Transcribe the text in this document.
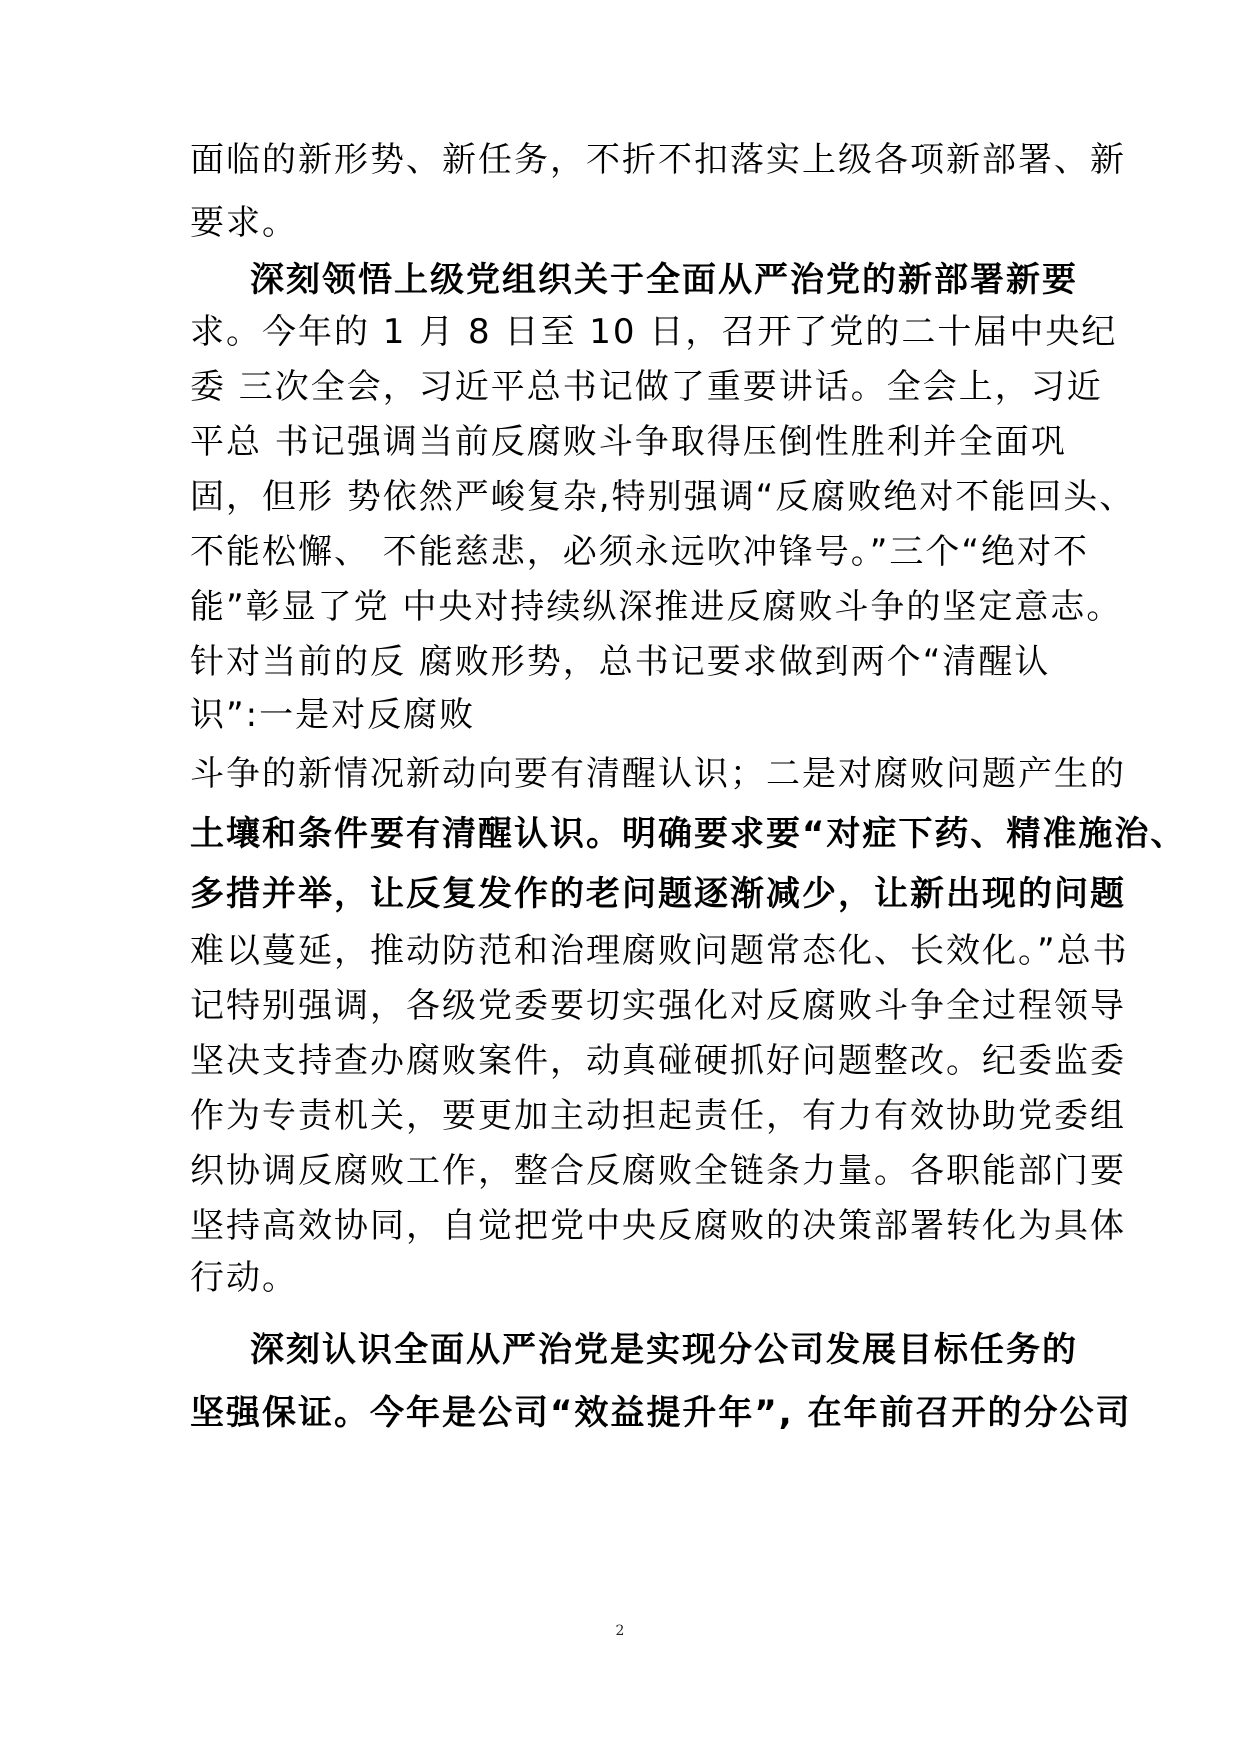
面临的新形势、新任务，不折不扣落实上级各项新部署、新
要求。
深刻领悟上级党组织关于全面从严治党的新部署新要
求。今年的 1 月 8 日至 10 日，召开了党的二十届中央纪
委 三次全会，习近平总书记做了重要讲话。全会上，习近
平总 书记强调当前反腐败斗争取得压倒性胜利并全面巩
固，但形 势依然严峻复杂,特别强调“反腐败绝对不能回头、
不能松懈、 不能慈悲，必须永远吹冲锋号。”三个“绝对不
能”彰显了党 中央对持续纵深推进反腐败斗争的坚定意志。
针对当前的反 腐败形势，总书记要求做到两个“清醒认
识”:一是对反腐败
斗争的新情况新动向要有清醒认识；二是对腐败问题产生的
土壤和条件要有清醒认识。明确要求要“对症下药、精准施治、
多措并举，让反复发作的老问题逐渐减少，让新出现的问题
难以蔓延，推动防范和治理腐败问题常态化、长效化。”总书
记特别强调，各级党委要切实强化对反腐败斗争全过程领导
坚决支持查办腐败案件，动真碰硬抓好问题整改。纪委监委
作为专责机关，要更加主动担起责任，有力有效协助党委组
织协调反腐败工作，整合反腐败全链条力量。各职能部门要
坚持高效协同，自觉把党中央反腐败的决策部署转化为具体
行动。
深刻认识全面从严治党是实现分公司发展目标任务的
坚强保证。今年是公司“效益提升年”, 在年前召开的分公司
2
